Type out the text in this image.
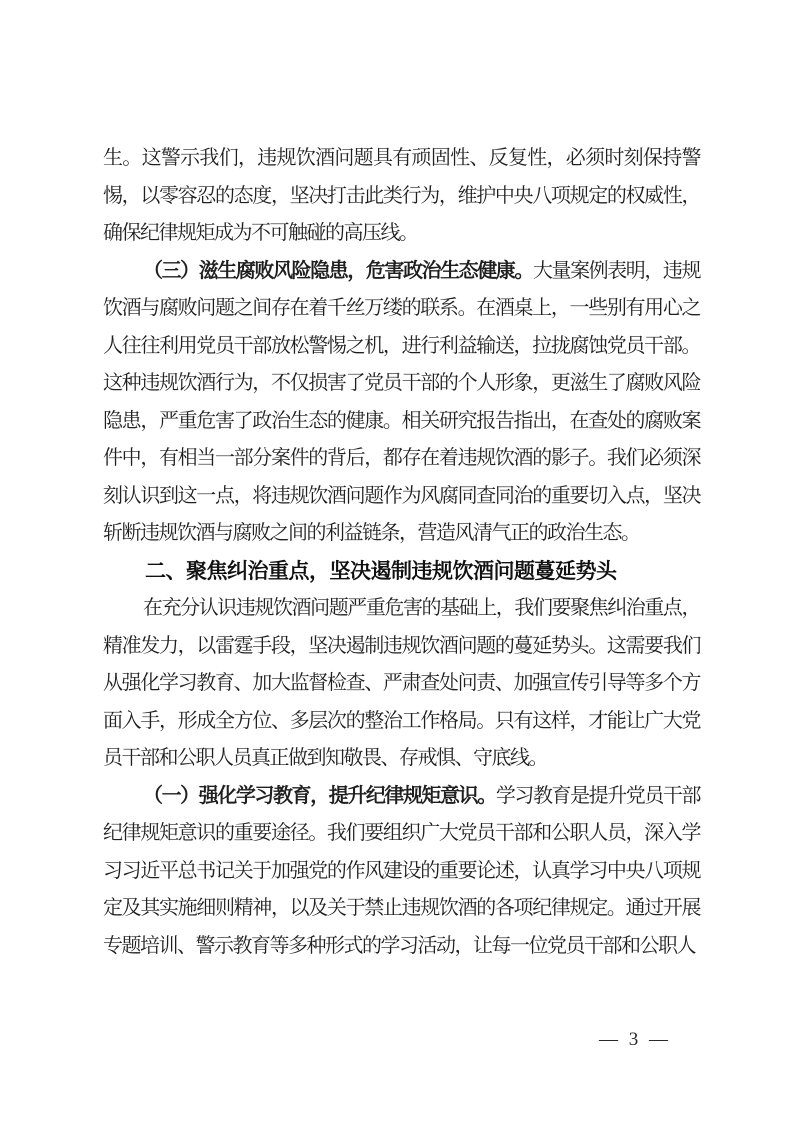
生。这警示我们，违规饮酒问题具有顽固性、反复性，必须时刻保持警惕，以零容忍的态度，坚决打击此类行为，维护中央八项规定的权威性，确保纪律规矩成为不可触碰的高压线。

（三）滋生腐败风险隐患，危害政治生态健康。大量案例表明，违规饮酒与腐败问题之间存在着千丝万缕的联系。在酒桌上，一些别有用心之人往往利用党员干部放松警惕之机，进行利益输送，拉拢腐蚀党员干部。这种违规饮酒行为，不仅损害了党员干部的个人形象，更滋生了腐败风险隐患，严重危害了政治生态的健康。相关研究报告指出，在查处的腐败案件中，有相当一部分案件的背后，都存在着违规饮酒的影子。我们必须深刻认识到这一点，将违规饮酒问题作为风腐同查同治的重要切入点，坚决斩断违规饮酒与腐败之间的利益链条，营造风清气正的政治生态。

二、聚焦纠治重点，坚决遏制违规饮酒问题蔓延势头

在充分认识违规饮酒问题严重危害的基础上，我们要聚焦纠治重点，精准发力，以雷霆手段，坚决遏制违规饮酒问题的蔓延势头。这需要我们从强化学习教育、加大监督检查、严肃查处问责、加强宣传引导等多个方面入手，形成全方位、多层次的整治工作格局。只有这样，才能让广大党员干部和公职人员真正做到知敬畏、存戒惧、守底线。

（一）强化学习教育，提升纪律规矩意识。学习教育是提升党员干部纪律规矩意识的重要途径。我们要组织广大党员干部和公职人员，深入学习习近平总书记关于加强党的作风建设的重要论述，认真学习中央八项规定及其实施细则精神，以及关于禁止违规饮酒的各项纪律规定。通过开展专题培训、警示教育等多种形式的学习活动，让每一位党员干部和公职人

— 3 —
